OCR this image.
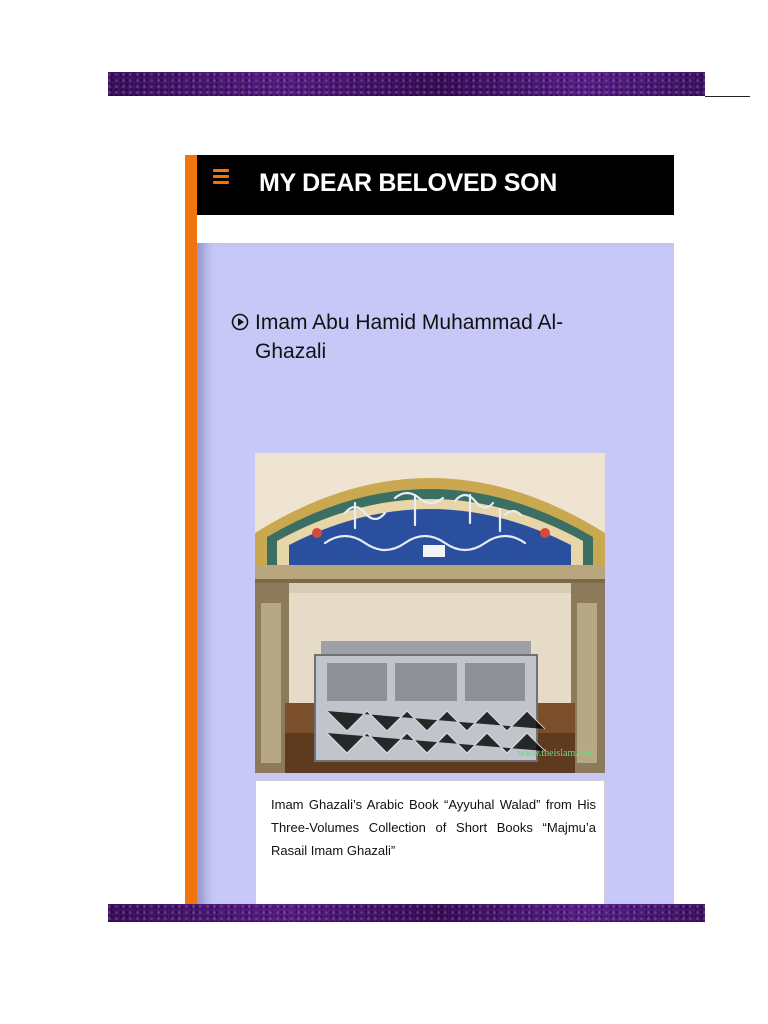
MY DEAR BELOVED SON
Imam Abu Hamid Muhammad Al-Ghazali
www.theislam.com
Imam Ghazali’s Arabic Book “Ayyuhal Walad” from His Three-Volumes Collection of Short Books “Majmu’a Rasail Imam Ghazali”
